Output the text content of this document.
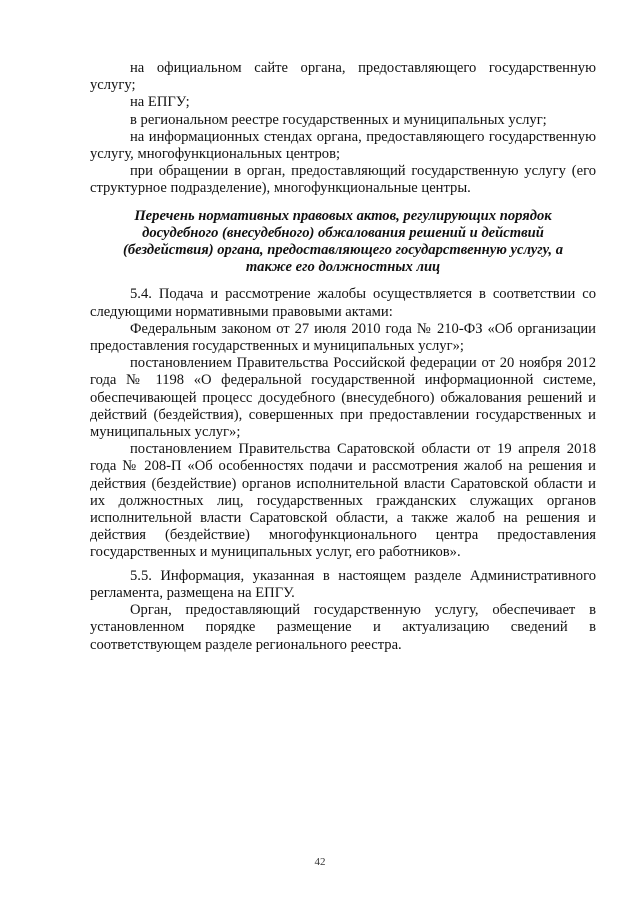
на официальном сайте органа, предоставляющего государственную услугу;

на ЕПГУ;

в региональном реестре государственных и муниципальных услуг;

на информационных стендах органа, предоставляющего государственную услугу, многофункциональных центров;

при обращении в орган, предоставляющий государственную услугу (его структурное подразделение), многофункциональные центры.

Перечень нормативных правовых актов, регулирующих порядок досудебного (внесудебного) обжалования решений и действий (бездействия) органа, предоставляющего государственную услугу, а также его должностных лиц

5.4. Подача и рассмотрение жалобы осуществляется в соответствии со следующими нормативными правовыми актами:

Федеральным законом от 27 июля 2010 года № 210-ФЗ «Об организации предоставления государственных и муниципальных услуг»;

постановлением Правительства Российской федерации от 20 ноября 2012 года № 1198 «О федеральной государственной информационной системе, обеспечивающей процесс досудебного (внесудебного) обжалования решений и действий (бездействия), совершенных при предоставлении государственных и муниципальных услуг»;

постановлением Правительства Саратовской области от 19 апреля 2018 года № 208-П «Об особенностях подачи и рассмотрения жалоб на решения и действия (бездействие) органов исполнительной власти Саратовской области и их должностных лиц, государственных гражданских служащих органов исполнительной власти Саратовской области, а также жалоб на решения и действия (бездействие) многофункционального центра предоставления государственных и муниципальных услуг, его работников».

5.5. Информация, указанная в настоящем разделе Административного регламента, размещена на ЕПГУ.

Орган, предоставляющий государственную услугу, обеспечивает в установленном порядке размещение и актуализацию сведений в соответствующем разделе регионального реестра.

42
